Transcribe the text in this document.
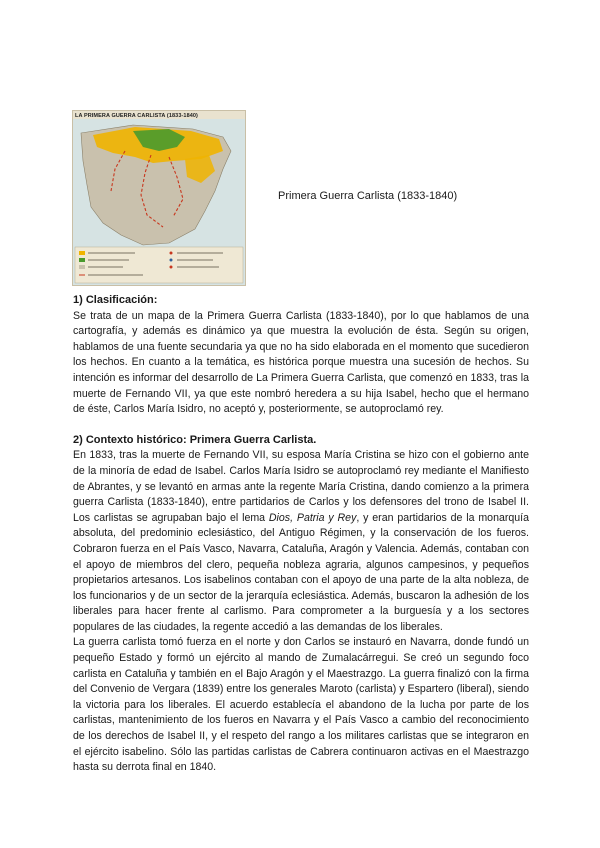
LA PRIMERA GUERRA CARLISTA (1833-1840)
Primera Guerra Carlista (1833-1840)
1) Clasificación:

Se trata de un mapa de la Primera Guerra Carlista (1833-1840), por lo que hablamos de una cartografía, y además es dinámico ya que muestra la evolución de ésta. Según su origen, hablamos de una fuente secundaria ya que no ha sido elaborada en el momento que sucedieron los hechos. En cuanto a la temática, es histórica porque muestra una sucesión de hechos. Su intención es informar del desarrollo de La Primera Guerra Carlista, que comenzó en 1833, tras la muerte de Fernando VII, ya que este nombró heredera a su hija Isabel, hecho que el hermano de éste, Carlos María Isidro, no aceptó y, posteriormente, se autoproclamó rey.

2) Contexto histórico: Primera Guerra Carlista.

En 1833, tras la muerte de Fernando VII, su esposa María Cristina se hizo con el gobierno ante de la minoría de edad de Isabel. Carlos María Isidro se autoproclamó rey mediante el Manifiesto de Abrantes, y se levantó en armas ante la regente María Cristina, dando comienzo a la primera guerra Carlista (1833-1840), entre partidarios de Carlos y los defensores del trono de Isabel II. Los carlistas se agrupaban bajo el lema Dios, Patria y Rey, y eran partidarios de la monarquía absoluta, del predominio eclesiástico, del Antiguo Régimen, y la conservación de los fueros. Cobraron fuerza en el País Vasco, Navarra, Cataluña, Aragón y Valencia. Además, contaban con el apoyo de miembros del clero, pequeña nobleza agraria, algunos campesinos, y pequeños propietarios artesanos. Los isabelinos contaban con el apoyo de una parte de la alta nobleza, de los funcionarios y de un sector de la jerarquía eclesiástica. Además, buscaron la adhesión de los liberales para hacer frente al carlismo. Para comprometer a la burguesía y a los sectores populares de las ciudades, la regente accedió a las demandas de los liberales.

La guerra carlista tomó fuerza en el norte y don Carlos se instauró en Navarra, donde fundó un pequeño Estado y formó un ejército al mando de Zumalacárregui. Se creó un segundo foco carlista en Cataluña y también en el Bajo Aragón y el Maestrazgo. La guerra finalizó con la firma del Convenio de Vergara (1839) entre los generales Maroto (carlista) y Espartero (liberal), siendo la victoria para los liberales. El acuerdo establecía el abandono de la lucha por parte de los carlistas, mantenimiento de los fueros en Navarra y el País Vasco a cambio del reconocimiento de los derechos de Isabel II, y el respeto del rango a los militares carlistas que se integraron en el ejército isabelino. Sólo las partidas carlistas de Cabrera continuaron activas en el Maestrazgo hasta su derrota final en 1840.
